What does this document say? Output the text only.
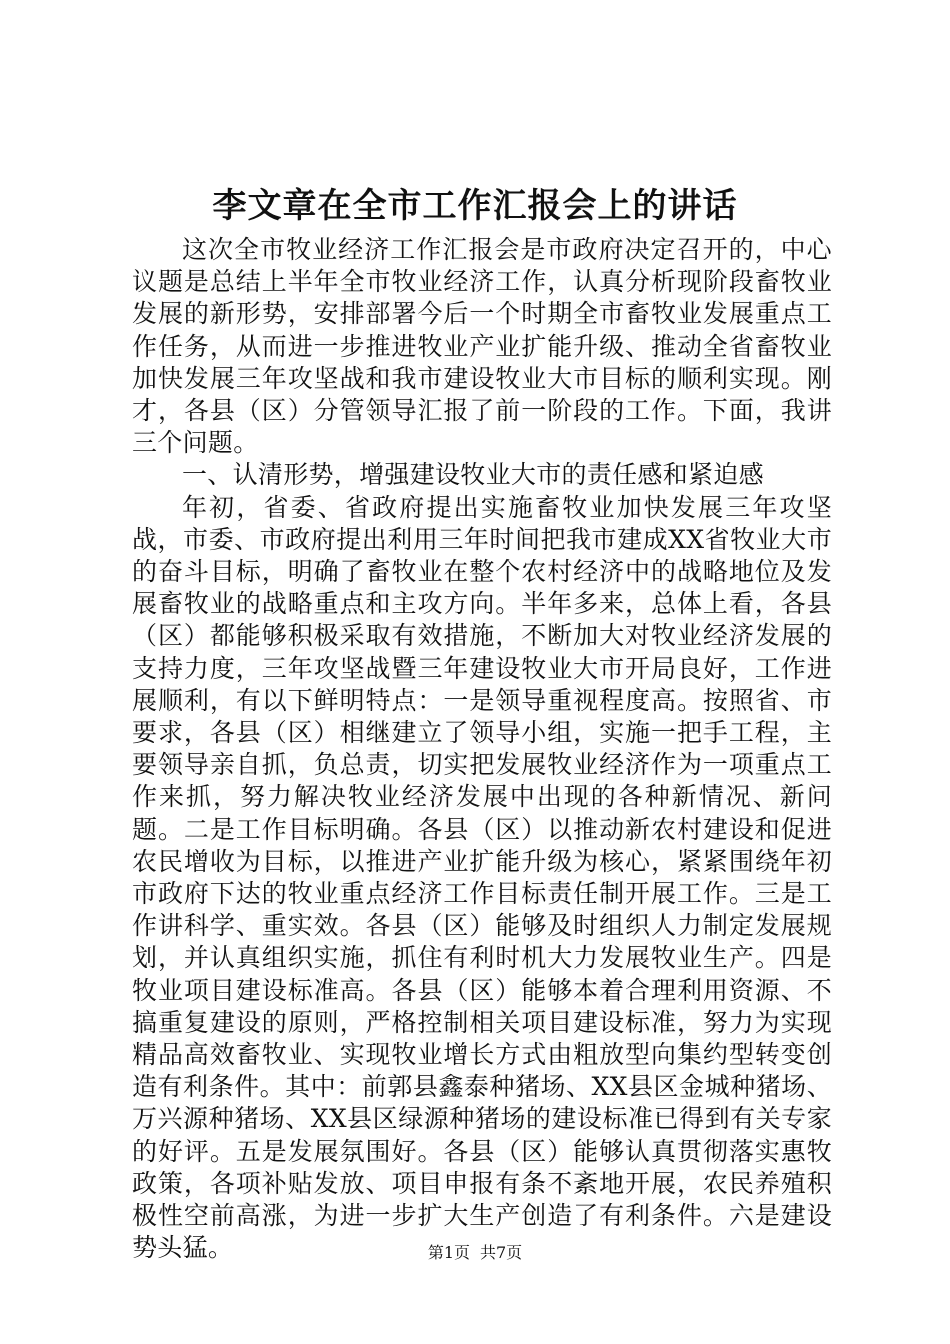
李文章在全市工作汇报会上的讲话

这次全市牧业经济工作汇报会是市政府决定召开的，中心议题是总结上半年全市牧业经济工作，认真分析现阶段畜牧业发展的新形势，安排部署今后一个时期全市畜牧业发展重点工作任务，从而进一步推进牧业产业扩能升级、推动全省畜牧业加快发展三年攻坚战和我市建设牧业大市目标的顺利实现。刚才，各县（区）分管领导汇报了前一阶段的工作。下面，我讲三个问题。

一、认清形势，增强建设牧业大市的责任感和紧迫感

年初，省委、省政府提出实施畜牧业加快发展三年攻坚战，市委、市政府提出利用三年时间把我市建成XX省牧业大市的奋斗目标，明确了畜牧业在整个农村经济中的战略地位及发展畜牧业的战略重点和主攻方向。半年多来，总体上看，各县（区）都能够积极采取有效措施，不断加大对牧业经济发展的支持力度，三年攻坚战暨三年建设牧业大市开局良好，工作进展顺利，有以下鲜明特点：一是领导重视程度高。按照省、市要求，各县（区）相继建立了领导小组，实施一把手工程，主要领导亲自抓，负总责，切实把发展牧业经济作为一项重点工作来抓，努力解决牧业经济发展中出现的各种新情况、新问题。二是工作目标明确。各县（区）以推动新农村建设和促进农民增收为目标，以推进产业扩能升级为核心，紧紧围绕年初市政府下达的牧业重点经济工作目标责任制开展工作。三是工作讲科学、重实效。各县（区）能够及时组织人力制定发展规划，并认真组织实施，抓住有利时机大力发展牧业生产。四是牧业项目建设标准高。各县（区）能够本着合理利用资源、不搞重复建设的原则，严格控制相关项目建设标准，努力为实现精品高效畜牧业、实现牧业增长方式由粗放型向集约型转变创造有利条件。其中：前郭县鑫泰种猪场、XX县区金城种猪场、万兴源种猪场、XX县区绿源种猪场的建设标准已得到有关专家的好评。五是发展氛围好。各县（区）能够认真贯彻落实惠牧政策，各项补贴发放、项目申报有条不紊地开展，农民养殖积极性空前高涨，为进一步扩大生产创造了有利条件。六是建设势头猛。	第1页 共7页
